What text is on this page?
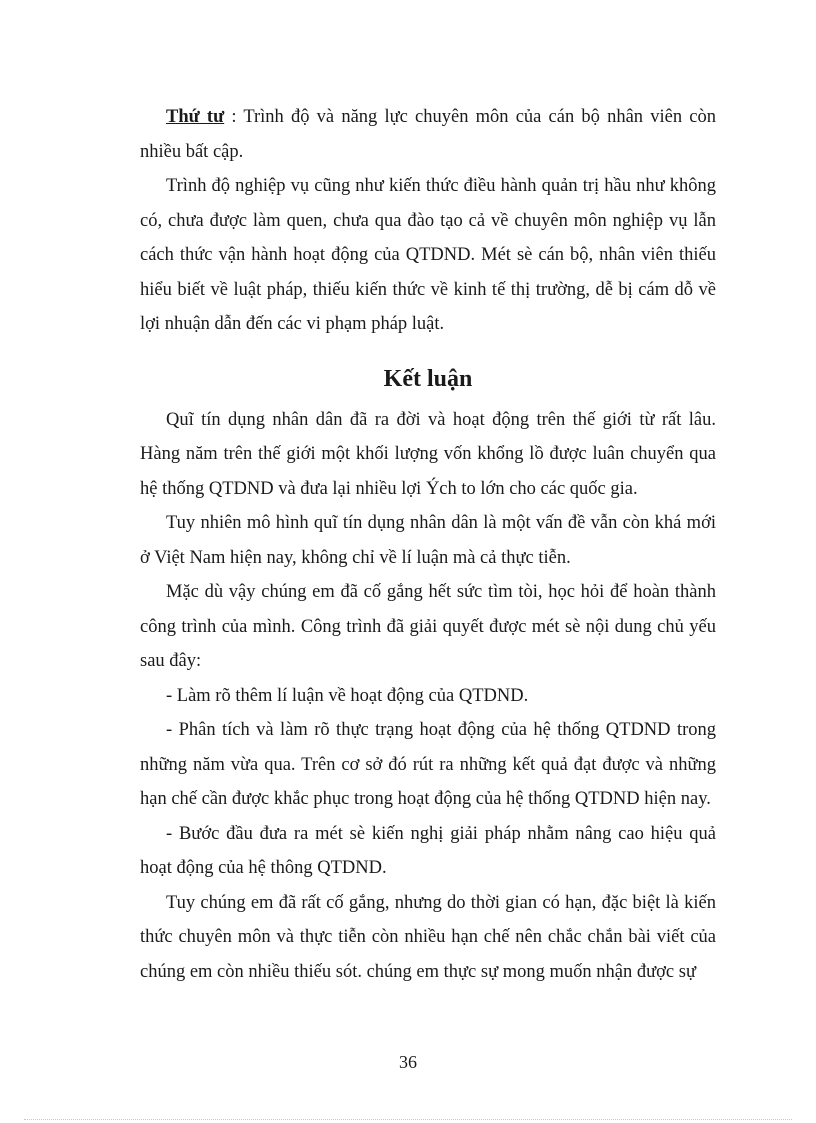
Thứ tư : Trình độ và năng lực chuyên môn của cán bộ nhân viên còn nhiều bất cập.

Trình độ nghiệp vụ cũng như kiến thức điều hành quản trị hầu như không có, chưa được làm quen, chưa qua đào tạo cả về chuyên môn nghiệp vụ lẫn cách thức vận hành hoạt động của QTDND. Mét sè cán bộ, nhân viên thiếu hiểu biết về luật pháp, thiếu kiến thức về kinh tế thị trường, dễ bị cám dỗ về lợi nhuận dẫn đến các vi phạm pháp luật.

Kết luận

Quĩ tín dụng nhân dân đã ra đời và hoạt động trên thế giới từ rất lâu. Hàng năm trên thế giới một khối lượng vốn khổng lồ được luân chuyển qua hệ thống QTDND và đưa lại nhiều lợi Ých to lớn cho các quốc gia.

Tuy nhiên mô hình quĩ tín dụng nhân dân là một vấn đề vẫn còn khá mới ở Việt Nam hiện nay, không chỉ về lí luận mà cả thực tiễn.

Mặc dù vậy chúng em đã cố gắng hết sức tìm tòi, học hỏi để hoàn thành công trình của mình. Công trình đã giải quyết được mét sè nội dung chủ yếu sau đây:

- Làm rõ thêm lí luận về hoạt động của QTDND.

- Phân tích và làm rõ thực trạng hoạt động của hệ thống QTDND trong những năm vừa qua. Trên cơ sở đó rút ra những kết quả đạt được và những hạn chế cần được khắc phục trong hoạt động của hệ thống QTDND hiện nay.

- Bước đầu đưa ra mét sè kiến nghị giải pháp nhằm nâng cao hiệu quả hoạt động của hệ thông QTDND.

Tuy chúng em đã rất cố gắng, nhưng do thời gian có hạn, đặc biệt là kiến thức chuyên môn và thực tiễn còn nhiều hạn chế nên chắc chắn bài viết của chúng em còn nhiều thiếu sót. chúng em thực sự mong muốn nhận được sự

36
